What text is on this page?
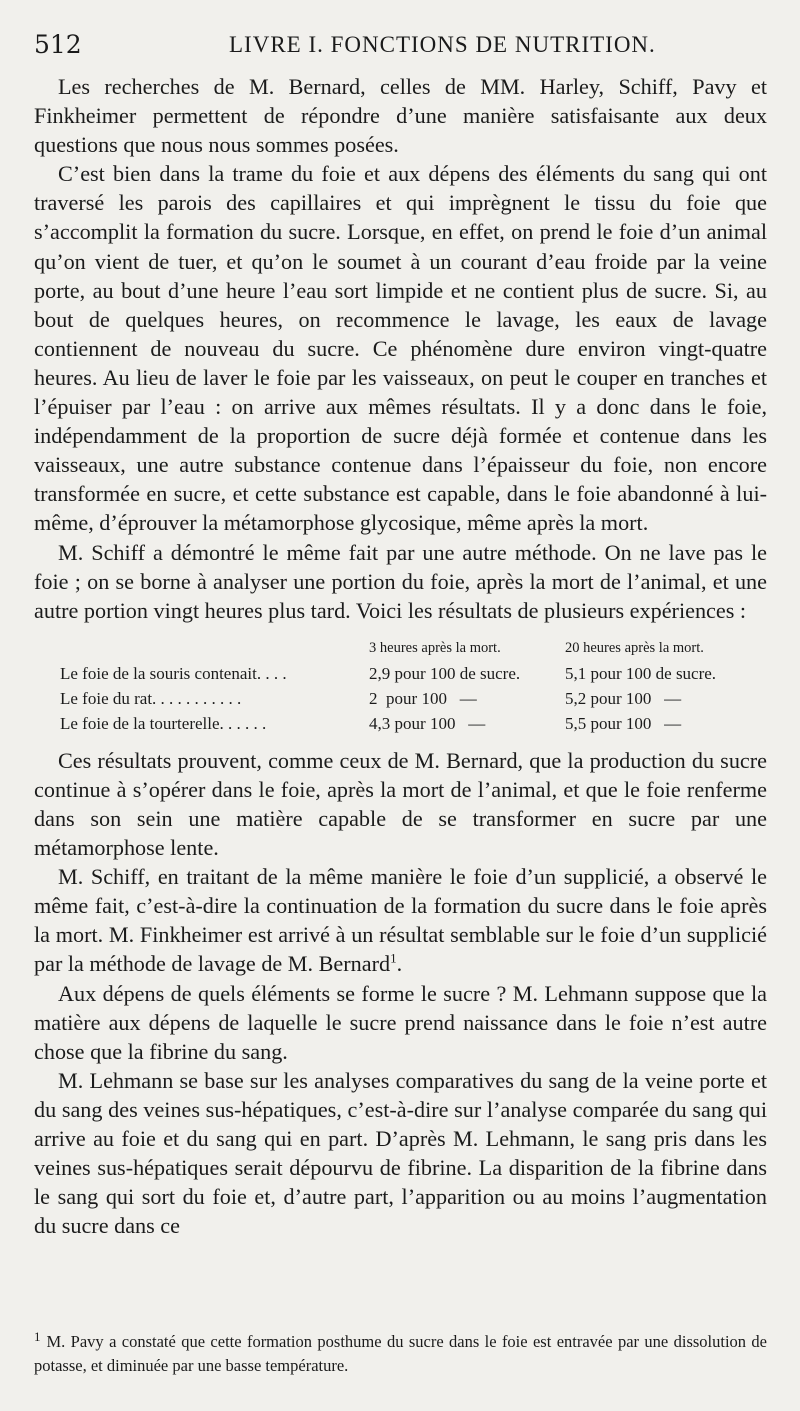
512	LIVRE I. FONCTIONS DE NUTRITION.

Les recherches de M. Bernard, celles de MM. Harley, Schiff, Pavy et Finkheimer permettent de répondre d’une manière satisfaisante aux deux questions que nous nous sommes posées.

C’est bien dans la trame du foie et aux dépens des éléments du sang qui ont traversé les parois des capillaires et qui imprègnent le tissu du foie que s’accomplit la formation du sucre. Lorsque, en effet, on prend le foie d’un animal qu’on vient de tuer, et qu’on le soumet à un courant d’eau froide par la veine porte, au bout d’une heure l’eau sort limpide et ne contient plus de sucre. Si, au bout de quelques heures, on recommence le lavage, les eaux de lavage contiennent de nouveau du sucre. Ce phénomène dure environ vingt-quatre heures. Au lieu de laver le foie par les vaisseaux, on peut le couper en tranches et l’épuiser par l’eau : on arrive aux mêmes résultats. Il y a donc dans le foie, indépendamment de la proportion de sucre déjà formée et contenue dans les vaisseaux, une autre substance contenue dans l’épaisseur du foie, non encore transformée en sucre, et cette substance est capable, dans le foie abandonné à lui-même, d’éprouver la métamorphose glycosique, même après la mort.

M. Schiff a démontré le même fait par une autre méthode. On ne lave pas le foie ; on se borne à analyser une portion du foie, après la mort de l’animal, et une autre portion vingt heures plus tard. Voici les résultats de plusieurs expériences :

	3 heures après la mort.	20 heures après la mort.
Le foie de la souris contenait. . . .	2,9 pour 100 de sucre.	5,1 pour 100 de sucre.
Le foie du rat. . . . . . . . . . .	2  pour 100   —	5,2 pour 100   —
Le foie de la tourterelle. . . . . .	4,3 pour 100   —	5,5 pour 100   —

Ces résultats prouvent, comme ceux de M. Bernard, que la production du sucre continue à s’opérer dans le foie, après la mort de l’animal, et que le foie renferme dans son sein une matière capable de se transformer en sucre par une métamorphose lente.

M. Schiff, en traitant de la même manière le foie d’un supplicié, a observé le même fait, c’est-à-dire la continuation de la formation du sucre dans le foie après la mort. M. Finkheimer est arrivé à un résultat semblable sur le foie d’un supplicié par la méthode de lavage de M. Bernard$^1$.

Aux dépens de quels éléments se forme le sucre ? M. Lehmann suppose que la matière aux dépens de laquelle le sucre prend naissance dans le foie n’est autre chose que la fibrine du sang.

M. Lehmann se base sur les analyses comparatives du sang de la veine porte et du sang des veines sus-hépatiques, c’est-à-dire sur l’analyse comparée du sang qui arrive au foie et du sang qui en part. D’après M. Lehmann, le sang pris dans les veines sus-hépatiques serait dépourvu de fibrine. La disparition de la fibrine dans le sang qui sort du foie et, d’autre part, l’apparition ou au moins l’augmentation du sucre dans ce

$^1$ M. Pavy a constaté que cette formation posthume du sucre dans le foie est entravée par une dissolution de potasse, et diminuée par une basse température.
